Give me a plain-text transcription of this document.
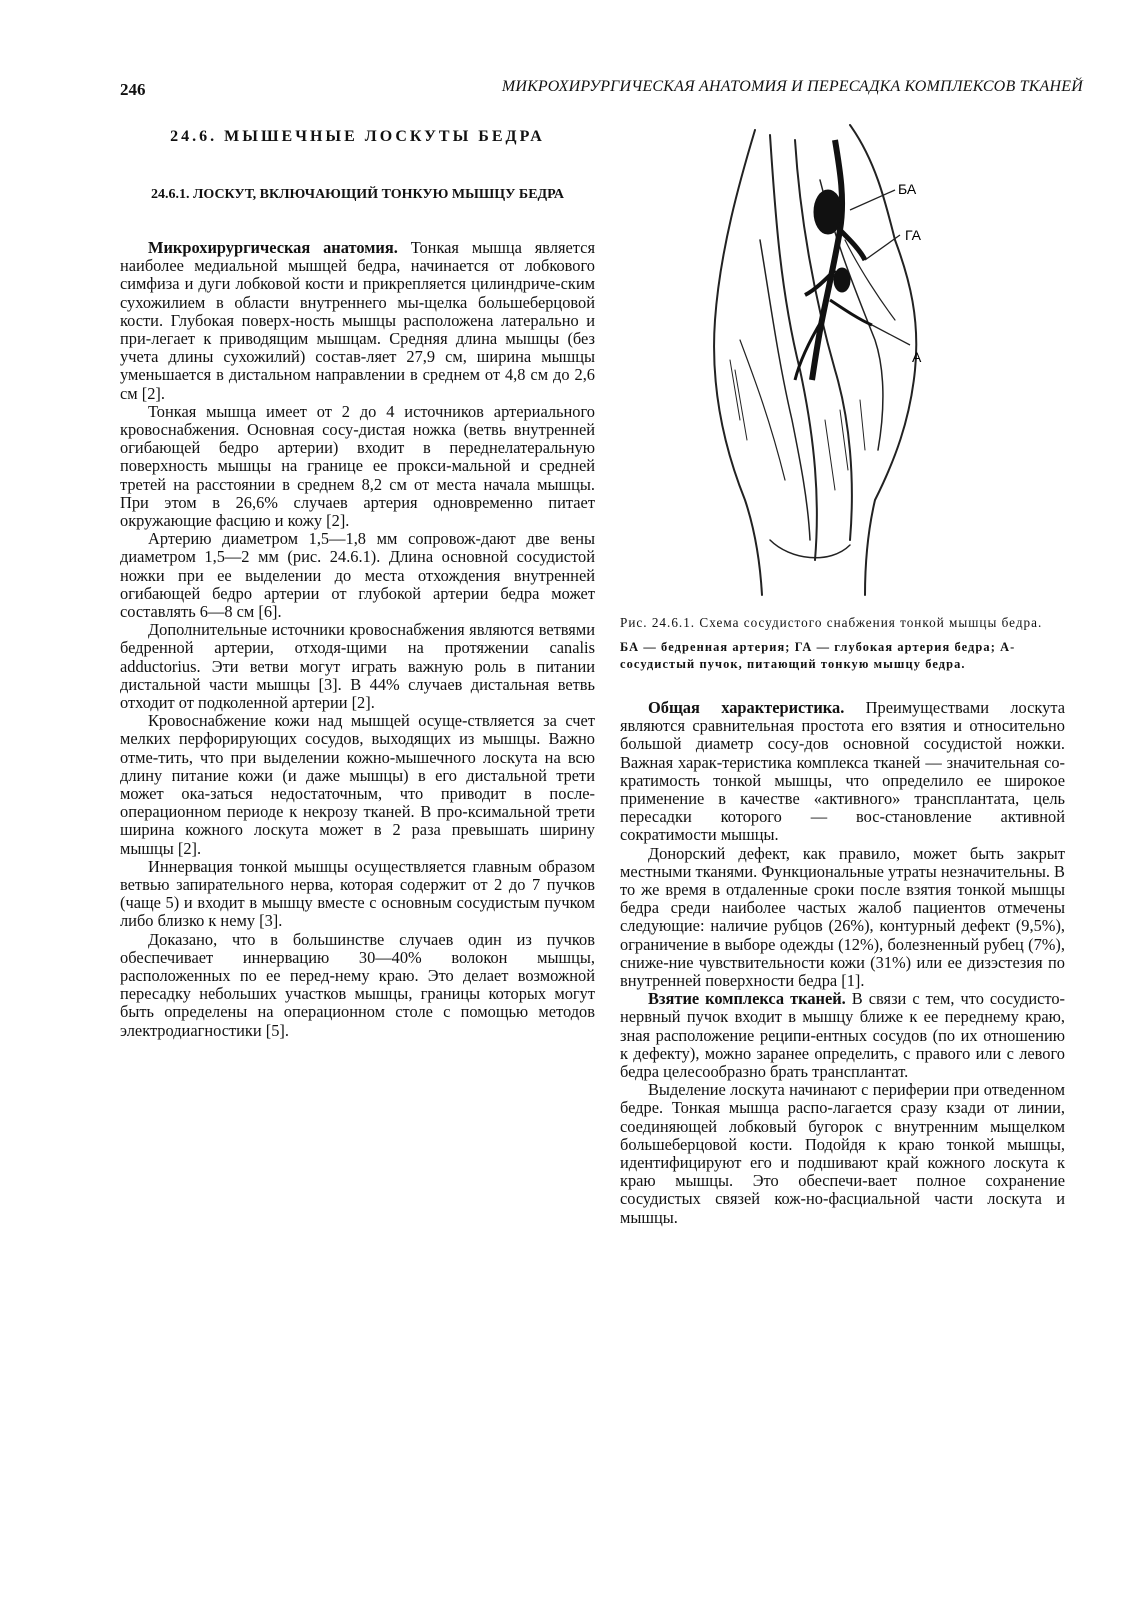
246	МИКРОХИРУРГИЧЕСКАЯ АНАТОМИЯ И ПЕРЕСАДКА КОМПЛЕКСОВ ТКАНЕЙ
24.6. МЫШЕЧНЫЕ ЛОСКУТЫ БЕДРА
24.6.1. ЛОСКУТ, ВКЛЮЧАЮЩИЙ ТОНКУЮ МЫШЦУ БЕДРА

Микрохирургическая анатомия. Тонкая мышца является наиболее медиальной мышцей бедра, начинается от лобкового симфиза и дуги лобковой кости и прикрепляется цилиндриче-ским сухожилием в области внутреннего мы-щелка большеберцовой кости. Глубокая поверх-ность мышцы расположена латерально и при-легает к приводящим мышцам. Средняя длина мышцы (без учета длины сухожилий) состав-ляет 27,9 см, ширина мышцы уменьшается в дистальном направлении в среднем от 4,8 см до 2,6 см [2].

Тонкая мышца имеет от 2 до 4 источников артериального кровоснабжения. Основная сосу-дистая ножка (ветвь внутренней огибающей бедро артерии) входит в переднелатеральную поверхность мышцы на границе ее прокси-мальной и средней третей на расстоянии в среднем 8,2 см от места начала мышцы. При этом в 26,6% случаев артерия одновременно питает окружающие фасцию и кожу [2].

Артерию диаметром 1,5—1,8 мм сопровож-дают две вены диаметром 1,5—2 мм (рис. 24.6.1). Длина основной сосудистой ножки при ее выделении до места отхождения внутренней огибающей бедро артерии от глубокой артерии бедра может составлять 6—8 см [6].

Дополнительные источники кровоснабжения являются ветвями бедренной артерии, отходя-щими на протяжении canalis adductorius. Эти ветви могут играть важную роль в питании дистальной части мышцы [3]. В 44% случаев дистальная ветвь отходит от подколенной артерии [2].

Кровоснабжение кожи над мышцей осуще-ствляется за счет мелких перфорирующих сосудов, выходящих из мышцы. Важно отме-тить, что при выделении кожно-мышечного лоскута на всю длину питание кожи (и даже мышцы) в его дистальной трети может ока-заться недостаточным, что приводит в после-операционном периоде к некрозу тканей. В про-ксимальной трети ширина кожного лоскута может в 2 раза превышать ширину мышцы [2].

Иннервация тонкой мышцы осуществляется главным образом ветвью запирательного нерва, которая содержит от 2 до 7 пучков (чаще 5) и входит в мышцу вместе с основным сосудистым пучком либо близко к нему [3].

Доказано, что в большинстве случаев один из пучков обеспечивает иннервацию 30—40% волокон мышцы, расположенных по ее перед-нему краю. Это делает возможной пересадку небольших участков мышцы, границы которых могут быть определены на операционном столе с помощью методов электродиагностики [5].

БА
ГА
А

Рис. 24.6.1. Схема сосудистого снабжения тонкой мышцы бедра.

БА — бедренная артерия; ГА — глубокая артерия бедра; А- сосудистый пучок, питающий тонкую мышцу бедра.

Общая характеристика. Преимуществами лоскута являются сравнительная простота его взятия и относительно большой диаметр сосу-дов основной сосудистой ножки. Важная харак-теристика комплекса тканей — значительная со-кратимость тонкой мышцы, что определило ее широкое применение в качестве «активного» трансплантата, цель пересадки которого — вос-становление активной сократимости мышцы.

Донорский дефект, как правило, может быть закрыт местными тканями. Функциональные утраты незначительны. В то же время в отдаленные сроки после взятия тонкой мышцы бедра среди наиболее частых жалоб пациентов отмечены следующие: наличие рубцов (26%), контурный дефект (9,5%), ограничение в выборе одежды (12%), болезненный рубец (7%), сниже-ние чувствительности кожи (31%) или ее дизэстезия по внутренней поверхности бедра [1].

Взятие комплекса тканей. В связи с тем, что сосудисто-нервный пучок входит в мышцу ближе к ее переднему краю, зная расположение реципи-ентных сосудов (по их отношению к дефекту), можно заранее определить, с правого или с левого бедра целесообразно брать трансплантат.

Выделение лоскута начинают с периферии при отведенном бедре. Тонкая мышца распо-лагается сразу кзади от линии, соединяющей лобковый бугорок с внутренним мыщелком большеберцовой кости. Подойдя к краю тонкой мышцы, идентифицируют его и подшивают край кожного лоскута к краю мышцы. Это обеспечи-вает полное сохранение сосудистых связей кож-но-фасциальной части лоскута и мышцы.
